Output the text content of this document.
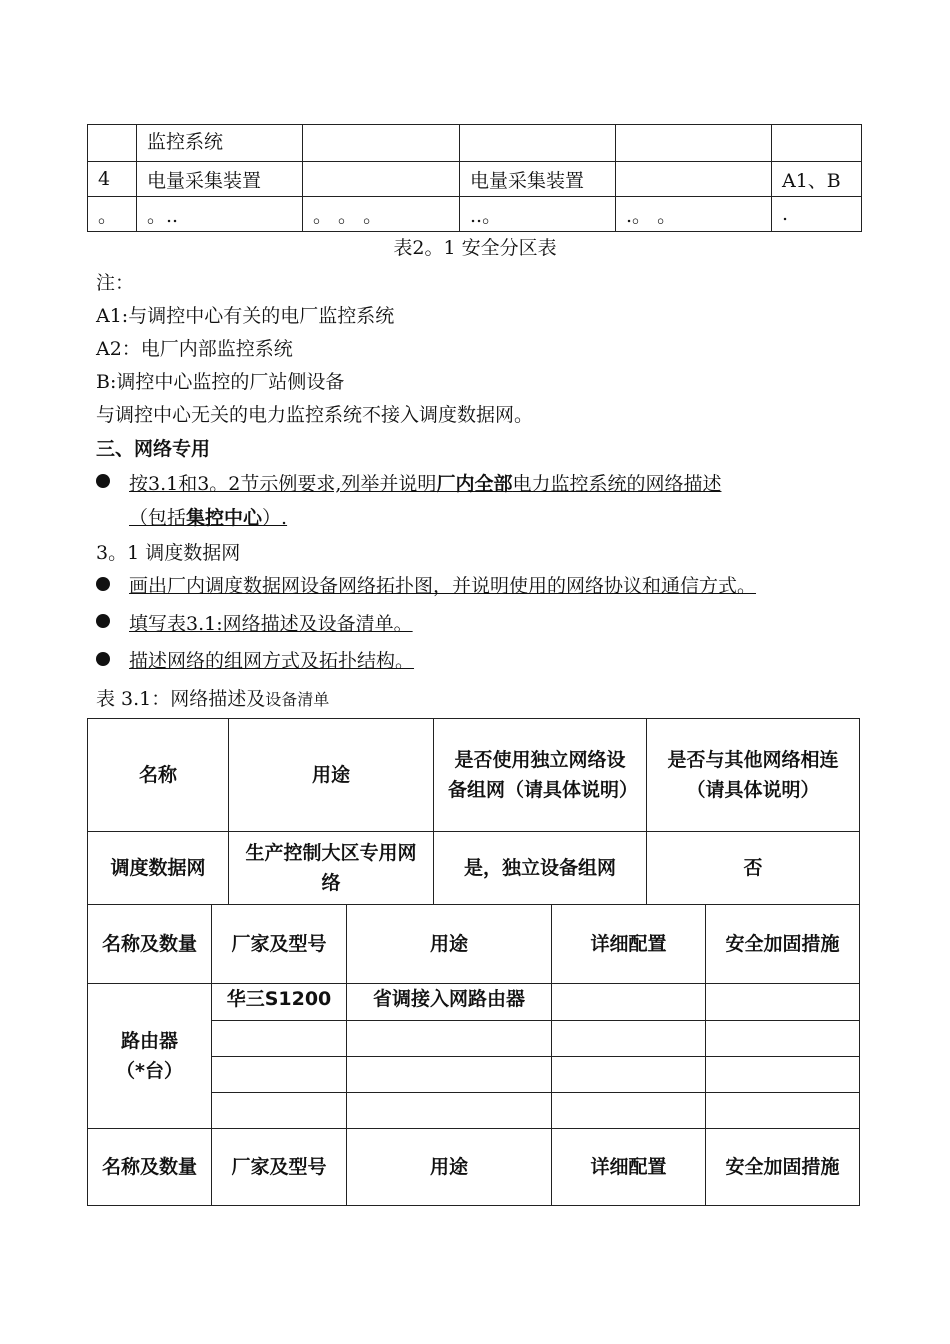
	监控系统				
4	电量采集装置		电量采集装置		A1、B
。	。..	。 。 。	..。	.。 。	.
表2。1 安全分区表
注：
A1:与调控中心有关的电厂监控系统
A2：电厂内部监控系统
B:调控中心监控的厂站侧设备
与调控中心无关的电力监控系统不接入调度数据网。
三、网络专用
按3.1和3。2节示例要求,列举并说明厂内全部电力监控系统的网络描述
（包括集控中心）.
3。1 调度数据网
画出厂内调度数据网设备网络拓扑图，并说明使用的网络协议和通信方式。
填写表3.1:网络描述及设备清单。
描述网络的组网方式及拓扑结构。
表 3.1：网络描述及设备清单
名称	用途	是否使用独立网络设备组网（请具体说明）	是否与其他网络相连（请具体说明）
调度数据网	生产控制大区专用网络	是，独立设备组网	否
名称及数量	厂家及型号	用途	详细配置	安全加固措施
路由器（*台）	华三S1200	省调接入网路由器		

名称及数量	厂家及型号	用途	详细配置	安全加固措施
